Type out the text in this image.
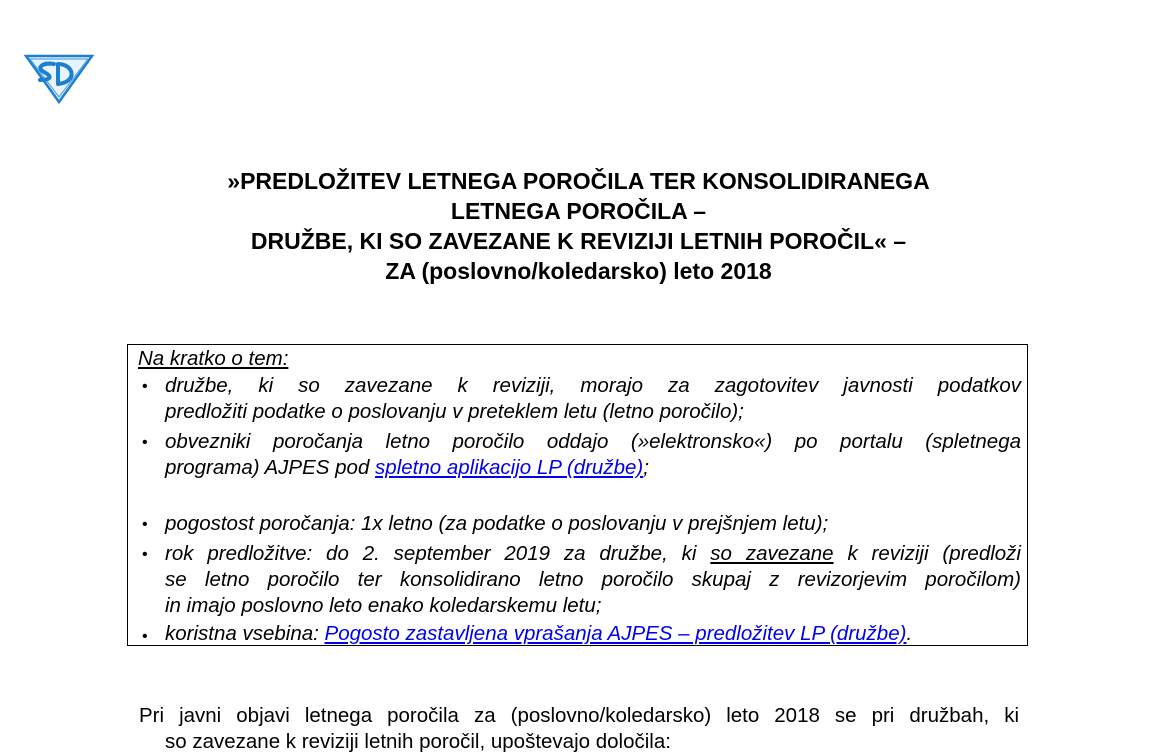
»PREDLOŽITEV LETNEGA POROČILA TER KONSOLIDIRANEGA
LETNEGA POROČILA –
DRUŽBE, KI SO ZAVEZANE K REVIZIJI LETNIH POROČIL« –
ZA (poslovno/koledarsko) leto 2018
Na kratko o tem:
• družbe, ki so zavezane k reviziji, morajo za zagotovitev javnosti podatkov
predložiti podatke o poslovanju v preteklem letu (letno poročilo);
• obvezniki poročanja letno poročilo oddajo (»elektronsko«) po portalu (spletnega
programa) AJPES pod spletno aplikacijo LP (družbe);
• pogostost poročanja: 1x letno (za podatke o poslovanju v prejšnjem letu);
• rok predložitve: do 2. september 2019 za družbe, ki so zavezane k reviziji (predloži
se letno poročilo ter konsolidirano letno poročilo skupaj z revizorjevim poročilom)
in imajo poslovno leto enako koledarskemu letu;
• koristna vsebina: Pogosto zastavljena vprašanja AJPES – predložitev LP (družbe).
Pri javni objavi letnega poročila za (poslovno/koledarsko) leto 2018 se pri družbah, ki
so zavezane k reviziji letnih poročil, upoštevajo določila:
